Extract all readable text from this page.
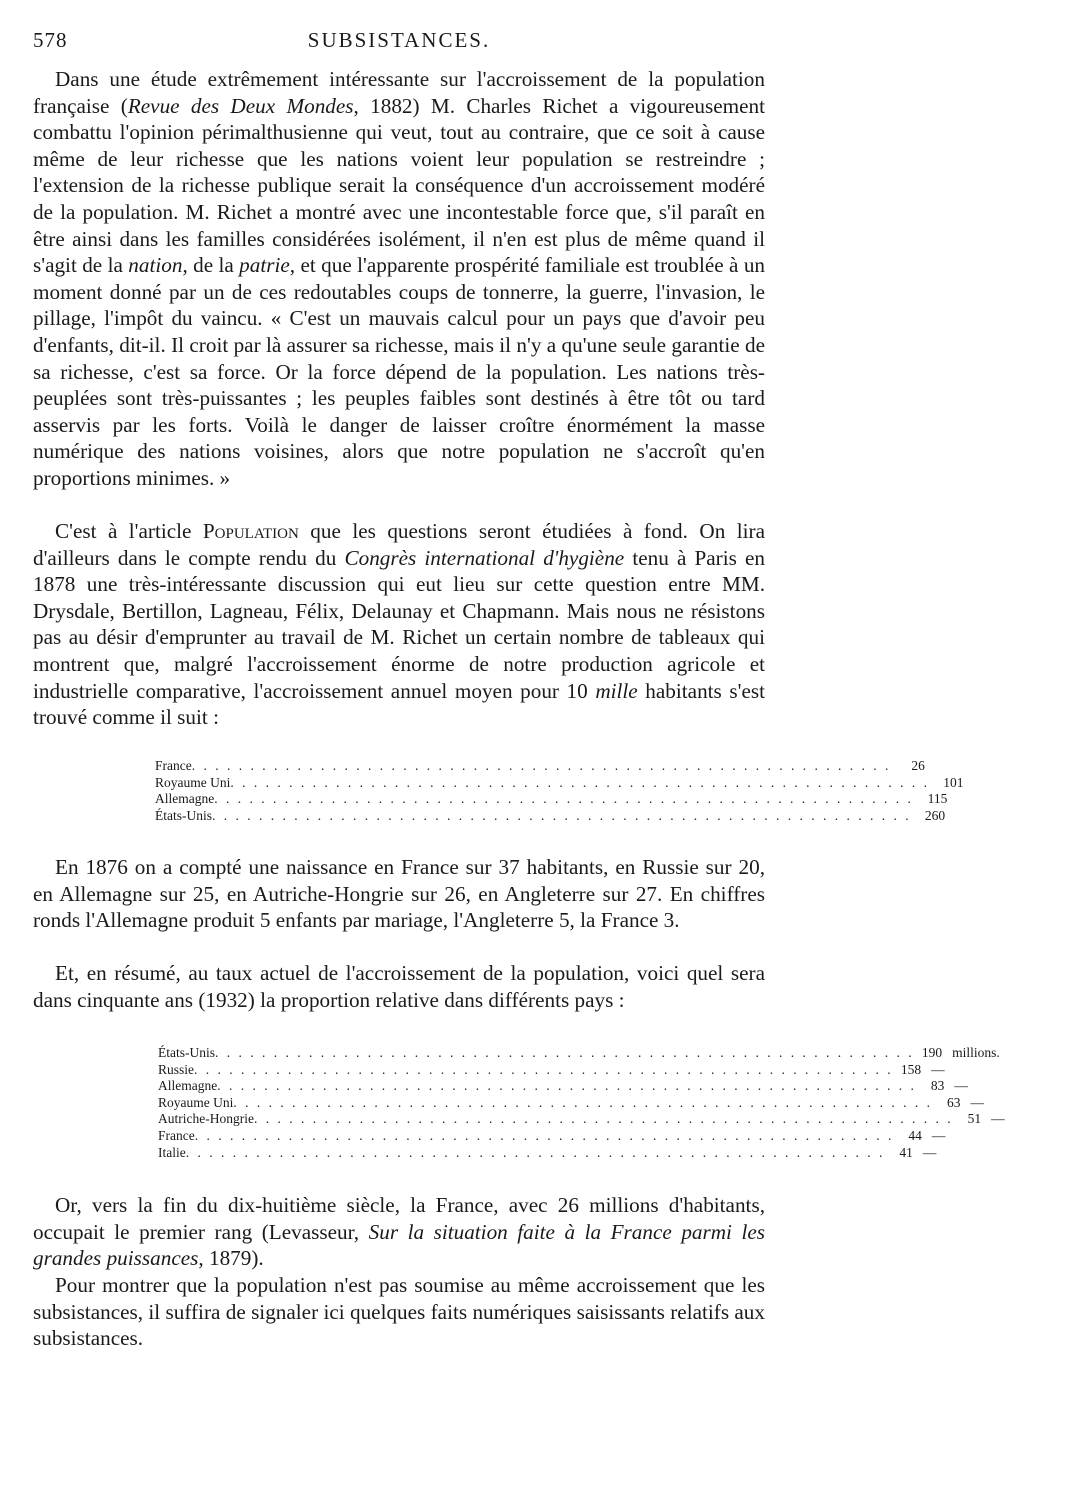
578	SUBSISTANCES.

Dans une étude extrêmement intéressante sur l'accroissement de la population française (Revue des Deux Mondes, 1882) M. Charles Richet a vigoureusement combattu l'opinion périmalthusienne qui veut, tout au contraire, que ce soit à cause même de leur richesse que les nations voient leur population se restreindre ; l'extension de la richesse publique serait la conséquence d'un accroissement modéré de la population. M. Richet a montré avec une incontestable force que, s'il paraît en être ainsi dans les familles considérées isolément, il n'en est plus de même quand il s'agit de la nation, de la patrie, et que l'apparente prospérité familiale est troublée à un moment donné par un de ces redoutables coups de tonnerre, la guerre, l'invasion, le pillage, l'impôt du vaincu. « C'est un mauvais calcul pour un pays que d'avoir peu d'enfants, dit-il. Il croit par là assurer sa richesse, mais il n'y a qu'une seule garantie de sa richesse, c'est sa force. Or la force dépend de la population. Les nations très-peuplées sont très-puissantes ; les peuples faibles sont destinés à être tôt ou tard asservis par les forts. Voilà le danger de laisser croître énormément la masse numérique des nations voisines, alors que notre population ne s'accroît qu'en proportions minimes. »

C'est à l'article Population que les questions seront étudiées à fond. On lira d'ailleurs dans le compte rendu du Congrès international d'hygiène tenu à Paris en 1878 une très-intéressante discussion qui eut lieu sur cette question entre MM. Drysdale, Bertillon, Lagneau, Félix, Delaunay et Chapmann. Mais nous ne résistons pas au désir d'emprunter au travail de M. Richet un certain nombre de tableaux qui montrent que, malgré l'accroissement énorme de notre production agricole et industrielle comparative, l'accroissement annuel moyen pour 10 mille habitants s'est trouvé comme il suit :

France . . . . . . . . . . . . . . . . . . . . . . . . . . . . . . . . . . . . . . . . . . . . . . . . . . . . . . . . . . . .	26
Royaume Uni . . . . . . . . . . . . . . . . . . . . . . . . . . . . . . . . . . . . . . . . . . . . . . . . . . . . . . . . . . . .	101
Allemagne . . . . . . . . . . . . . . . . . . . . . . . . . . . . . . . . . . . . . . . . . . . . . . . . . . . . . . . . . . . .	115
États-Unis . . . . . . . . . . . . . . . . . . . . . . . . . . . . . . . . . . . . . . . . . . . . . . . . . . . . . . . . . . . .	260

En 1876 on a compté une naissance en France sur 37 habitants, en Russie sur 20, en Allemagne sur 25, en Autriche-Hongrie sur 26, en Angleterre sur 27. En chiffres ronds l'Allemagne produit 5 enfants par mariage, l'Angleterre 5, la France 3.

Et, en résumé, au taux actuel de l'accroissement de la population, voici quel sera dans cinquante ans (1932) la proportion relative dans différents pays :

États-Unis . . . . . . . . . . . . . . . . . . . . . . . . . . . . . . . . . . . . . . . . . . . . . . . . . . . . . . . . . . . . 190 millions.
Russie . . . . . . . . . . . . . . . . . . . . . . . . . . . . . . . . . . . . . . . . . . . . . . . . . . . . . . . . . . . . 158 —
Allemagne . . . . . . . . . . . . . . . . . . . . . . . . . . . . . . . . . . . . . . . . . . . . . . . . . . . . . . . . . . . .	83 —
Royaume Uni . . . . . . . . . . . . . . . . . . . . . . . . . . . . . . . . . . . . . . . . . . . . . . . . . . . . . . . . . . . .	63 —
Autriche-Hongrie . . . . . . . . . . . . . . . . . . . . . . . . . . . . . . . . . . . . . . . . . . . . . . . . . . . . . . . . . . . .	51 —
France . . . . . . . . . . . . . . . . . . . . . . . . . . . . . . . . . . . . . . . . . . . . . . . . . . . . . . . . . . . .	44 —
Italie . . . . . . . . . . . . . . . . . . . . . . . . . . . . . . . . . . . . . . . . . . . . . . . . . . . . . . . . . . . .	41 —

Or, vers la fin du dix-huitième siècle, la France, avec 26 millions d'habitants, occupait le premier rang (Levasseur, Sur la situation faite à la France parmi les grandes puissances, 1879).

Pour montrer que la population n'est pas soumise au même accroissement que les subsistances, il suffira de signaler ici quelques faits numériques saisissants relatifs aux subsistances.
